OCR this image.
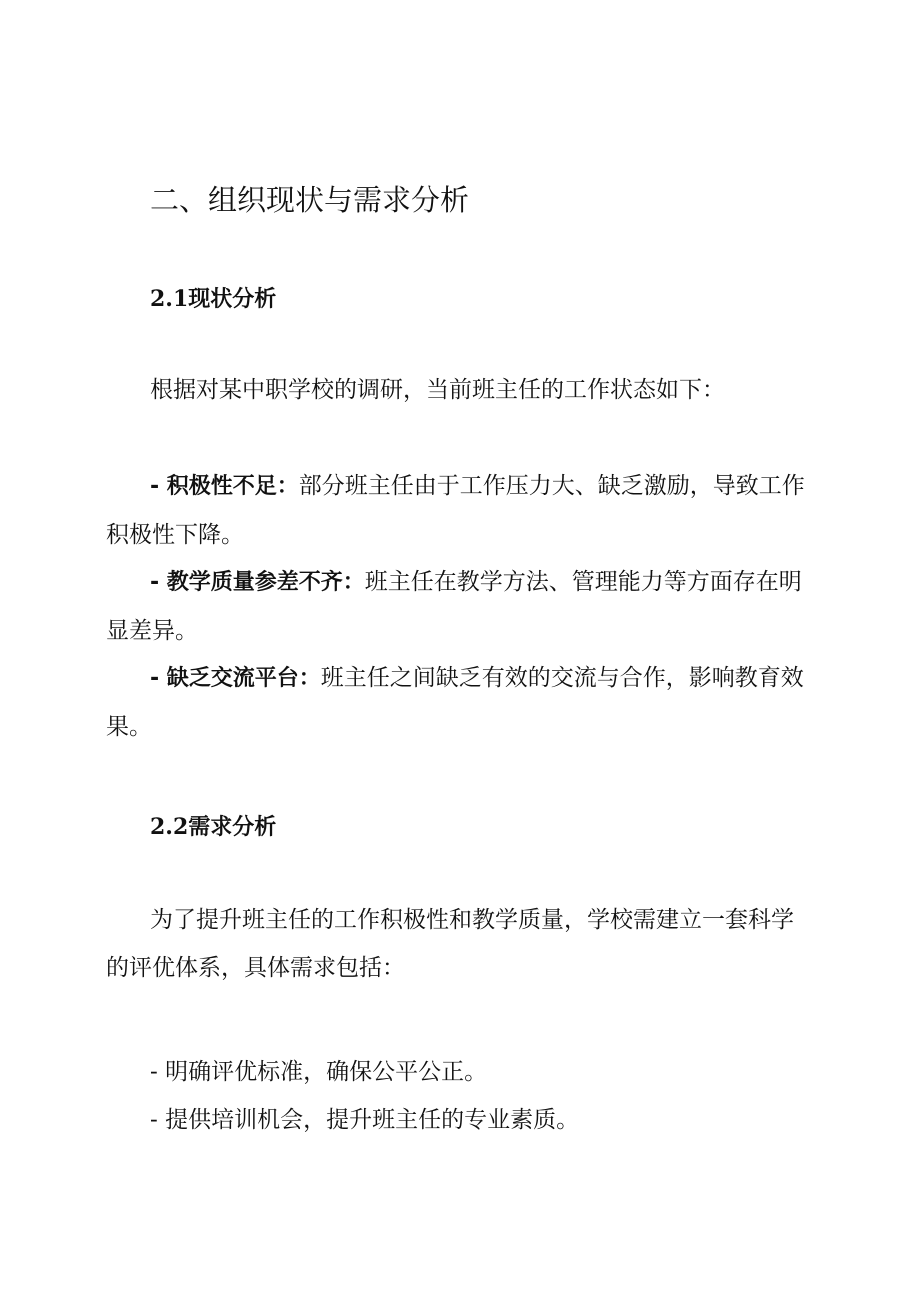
二、组织现状与需求分析
2.1现状分析

根据对某中职学校的调研，当前班主任的工作状态如下：

- 积极性不足：部分班主任由于工作压力大、缺乏激励，导致工作积极性下降。

- 教学质量参差不齐：班主任在教学方法、管理能力等方面存在明显差异。

- 缺乏交流平台：班主任之间缺乏有效的交流与合作，影响教育效果。

2.2需求分析

为了提升班主任的工作积极性和教学质量，学校需建立一套科学的评优体系，具体需求包括：

- 明确评优标准，确保公平公正。

- 提供培训机会，提升班主任的专业素质。
